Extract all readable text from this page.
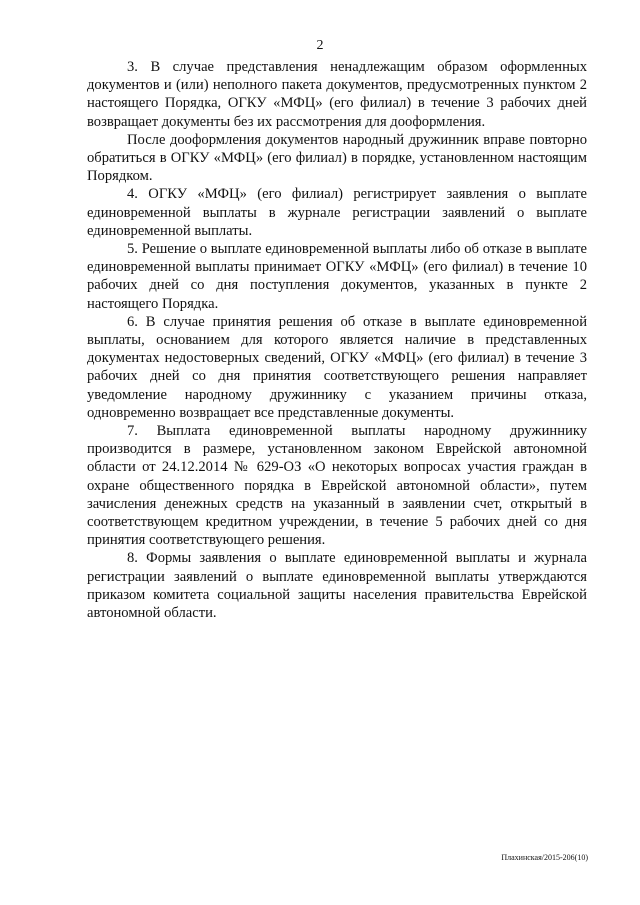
2

3. В случае представления ненадлежащим образом оформленных документов и (или) неполного пакета документов, предусмотренных пунктом 2 настоящего Порядка, ОГКУ «МФЦ» (его филиал) в течение 3 рабочих дней возвращает документы без их рассмотрения для дооформления.

После дооформления документов народный дружинник вправе повторно обратиться в ОГКУ «МФЦ» (его филиал) в порядке, установленном настоящим Порядком.

4. ОГКУ «МФЦ» (его филиал) регистрирует заявления о выплате единовременной выплаты в журнале регистрации заявлений о выплате единовременной выплаты.

5. Решение о выплате единовременной выплаты либо об отказе в выплате единовременной выплаты принимает ОГКУ «МФЦ» (его филиал) в течение 10 рабочих дней со дня поступления документов, указанных в пункте 2 настоящего Порядка.

6. В случае принятия решения об отказе в выплате единовременной выплаты, основанием для которого является наличие в представленных документах недостоверных сведений, ОГКУ «МФЦ» (его филиал) в течение 3 рабочих дней со дня принятия соответствующего решения направляет уведомление народному дружиннику с указанием причины отказа, одновременно возвращает все представленные документы.

7. Выплата единовременной выплаты народному дружиннику производится в размере, установленном законом Еврейской автономной области от 24.12.2014 № 629-ОЗ «О некоторых вопросах участия граждан в охране общественного порядка в Еврейской автономной области», путем зачисления денежных средств на указанный в заявлении счет, открытый в соответствующем кредитном учреждении, в течение 5 рабочих дней со дня принятия соответствующего решения.

8. Формы заявления о выплате единовременной выплаты и журнала регистрации заявлений о выплате единовременной выплаты утверждаются приказом комитета социальной защиты населения правительства Еврейской автономной области.

Плахинская/2015-206(10)
